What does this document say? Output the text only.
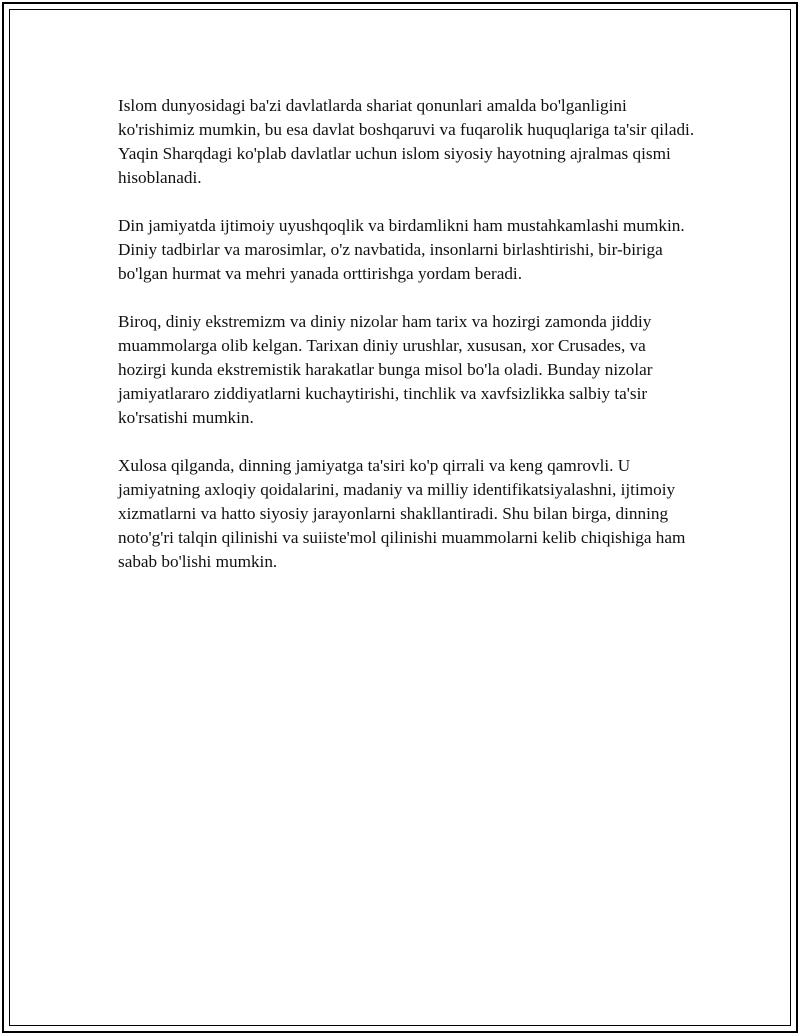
Islom dunyosidagi ba'zi davlatlarda shariat qonunlari amalda bo'lganligini ko'rishimiz mumkin, bu esa davlat boshqaruvi va fuqarolik huquqlariga ta'sir qiladi. Yaqin Sharqdagi ko'plab davlatlar uchun islom siyosiy hayotning ajralmas qismi hisoblanadi.

Din jamiyatda ijtimoiy uyushqoqlik va birdamlikni ham mustahkamlashi mumkin. Diniy tadbirlar va marosimlar, o'z navbatida, insonlarni birlashtirishi, bir-biriga bo'lgan hurmat va mehri yanada orttirishga yordam beradi.

Biroq, diniy ekstremizm va diniy nizolar ham tarix va hozirgi zamonda jiddiy muammolarga olib kelgan. Tarixan diniy urushlar, xususan, xor Crusades, va hozirgi kunda ekstremistik harakatlar bunga misol bo'la oladi. Bunday nizolar jamiyatlararo ziddiyatlarni kuchaytirishi, tinchlik va xavfsizlikka salbiy ta'sir ko'rsatishi mumkin.

Xulosa qilganda, dinning jamiyatga ta'siri ko'p qirrali va keng qamrovli. U jamiyatning axloqiy qoidalarini, madaniy va milliy identifikatsiyalashni, ijtimoiy xizmatlarni va hatto siyosiy jarayonlarni shakllantiradi. Shu bilan birga, dinning noto'g'ri talqin qilinishi va suiiste'mol qilinishi muammolarni kelib chiqishiga ham sabab bo'lishi mumkin.
